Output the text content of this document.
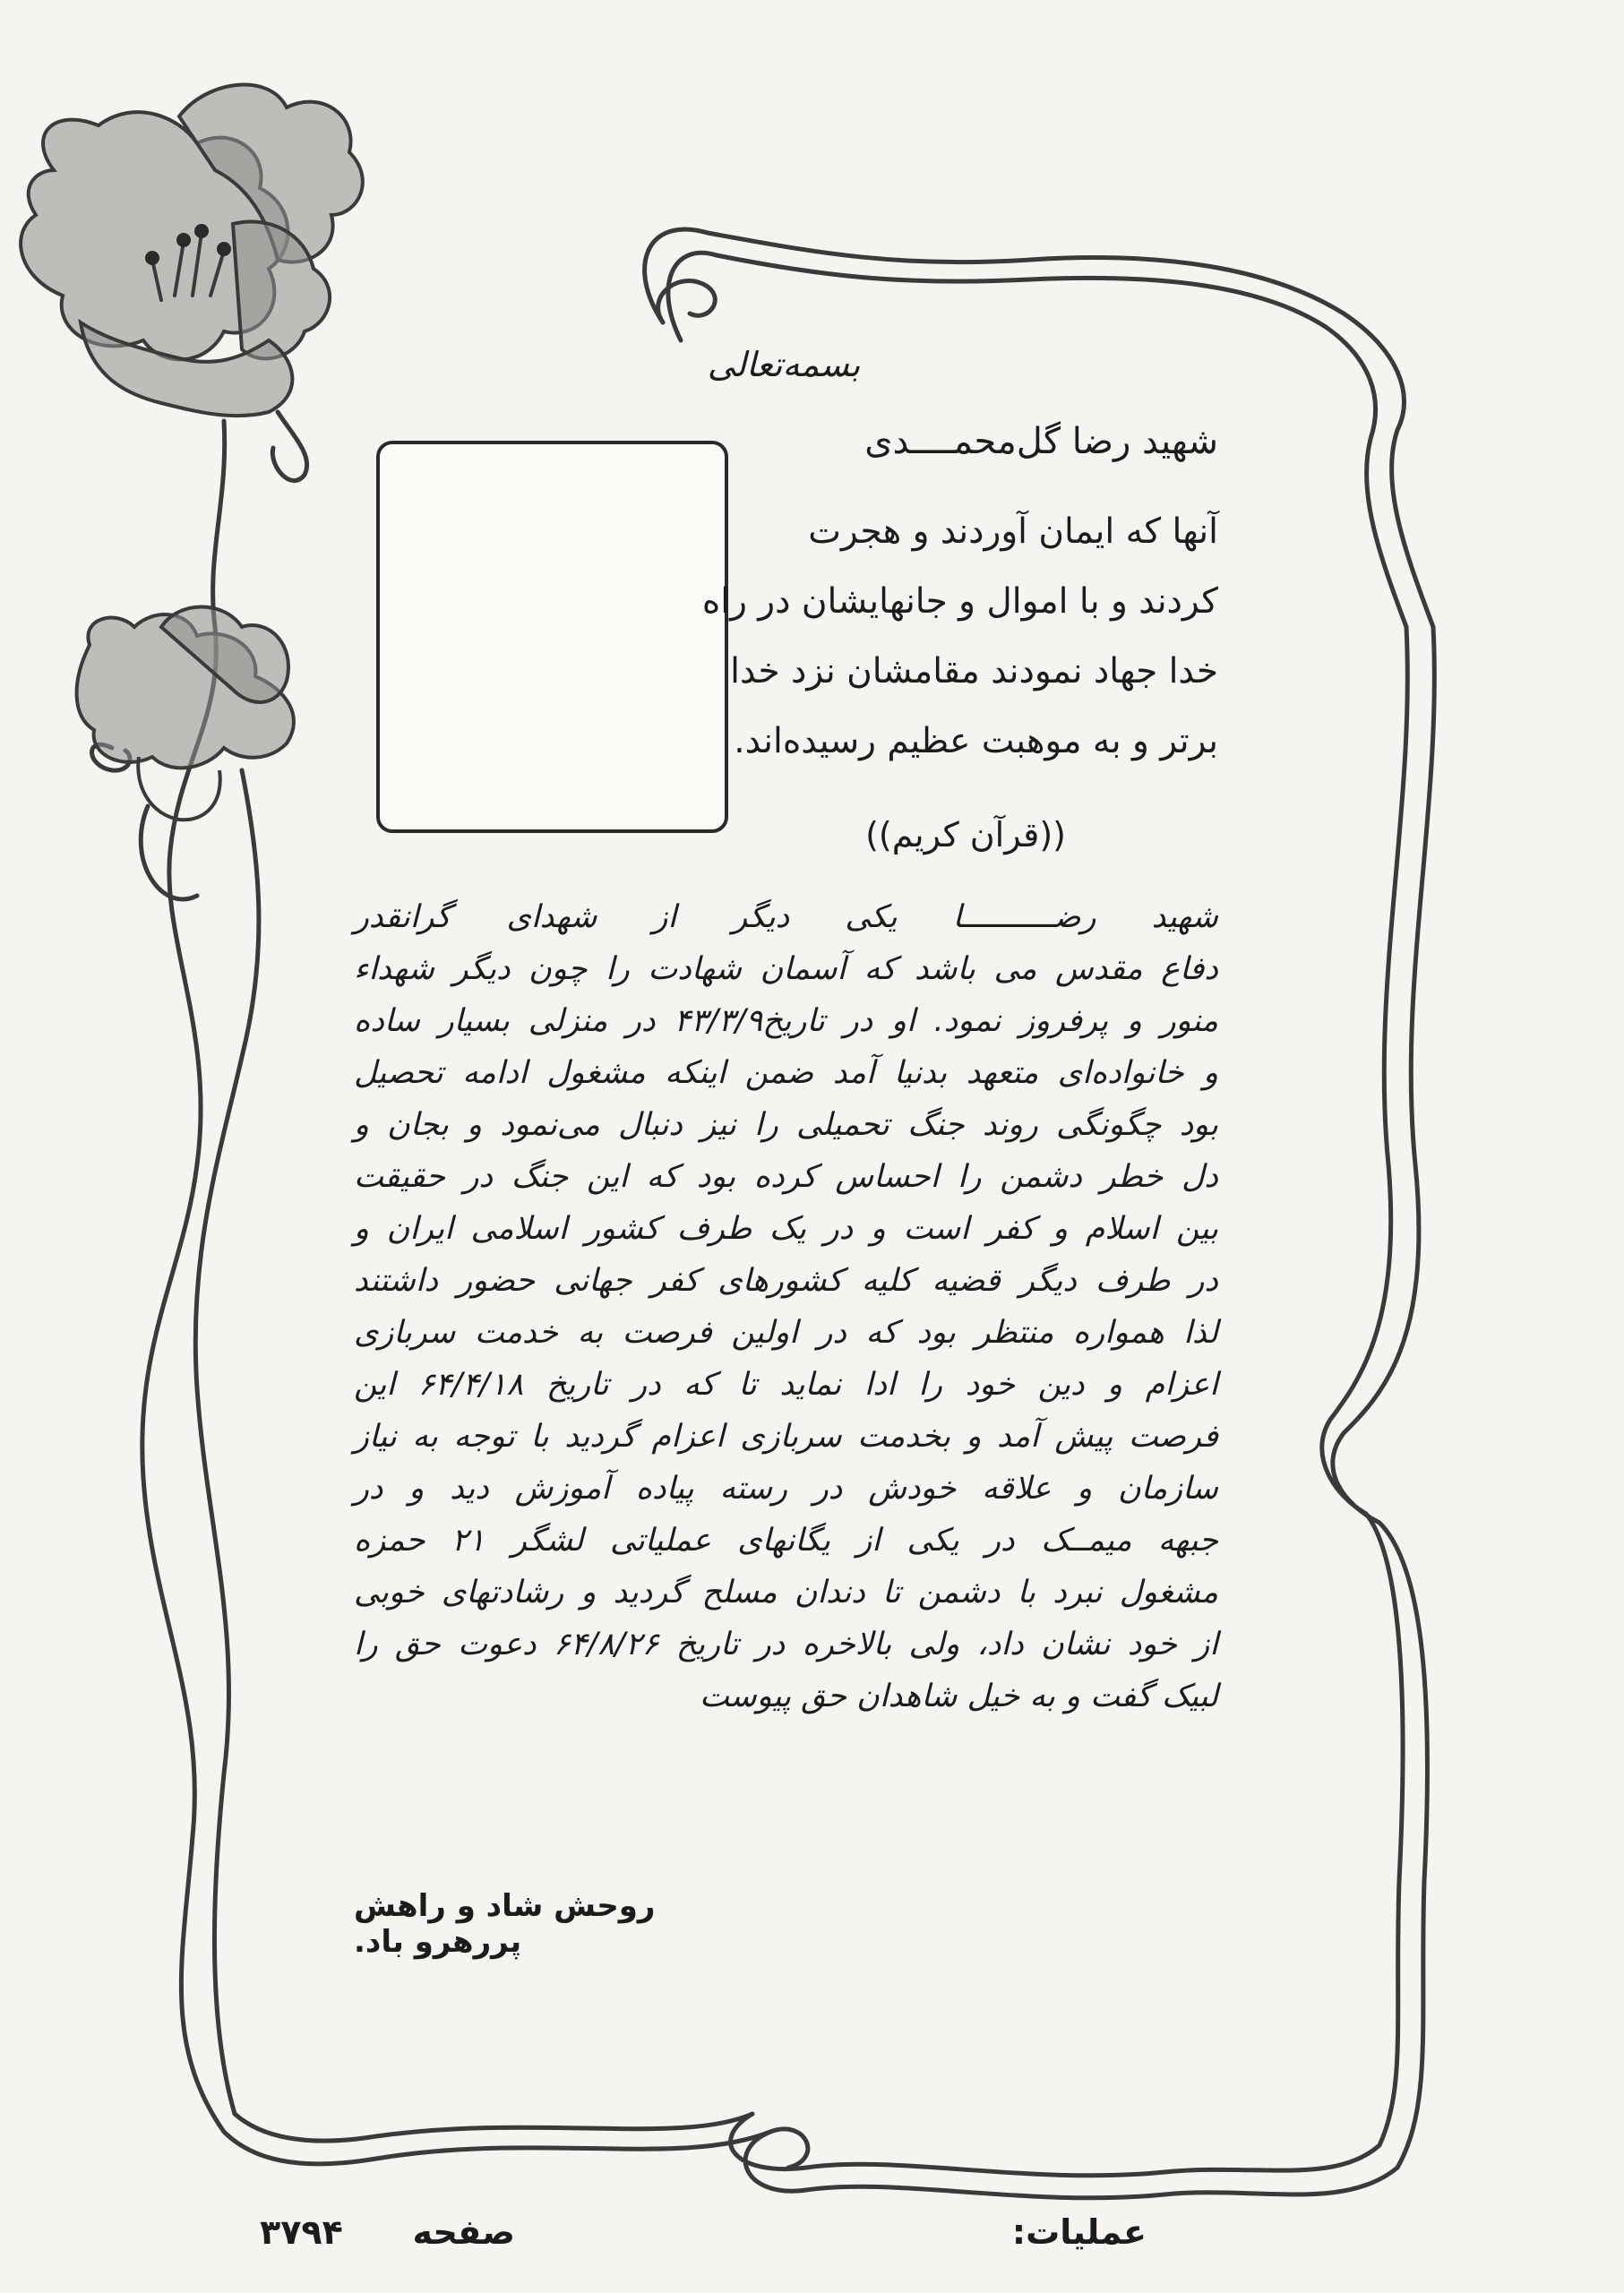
بسمه‌تعالی
شهید رضا گل‌محمــــدی
آنها که ایمان آوردند و هجرت
کردند و با اموال و جانهایشان در راه
خدا جهاد نمودند مقامشان نزد خدا
برتر و به موهبت عظیم رسیده‌اند.
((قرآن کریم))
شهید رضــــــــــا یکی دیگر از شهدای گرانقدر
دفاع مقدس می باشد که آسمان شهادت را چون دیگر شهداء
منور و پرفروز نمود. او در تاریخ۴۳/۳/۹ در منزلی بسیار ساده
و خانواده‌ای متعهد بدنیا آمد ضمن اینکه مشغول ادامه تحصیل
بود چگونگی روند جنگ تحمیلی را نیز دنبال می‌نمود و بجان و
دل خطر دشمن را احساس کرده بود که این جنگ در حقیقت
بین اسلام و کفر است و در یک طرف کشور اسلامی ایران و
در طرف دیگر قضیه کلیه کشورهای کفر جهانی حضور داشتند
لذا همواره منتظر بود که در اولین فرصت به خدمت سربازی
اعزام و دین خود را ادا نماید تا که در تاریخ ۶۴/۴/۱۸ این
فرصت پیش آمد و بخدمت سربازی اعزام گردید با توجه به نیاز
سازمان و علاقه خودش در رسته پیاده آموزش دید و در
جبهه میمــک در یکی از یگانهای عملیاتی لشگر ۲۱ حمزه
مشغول نبرد با دشمن تا دندان مسلح گردید و رشادتهای خوبی
از خود نشان داد، ولی بالاخره در تاریخ ۶۴/۸/۲۶ دعوت حق را
لبیک گفت و به خیل شاهدان حق پیوست
روحش شاد و راهش پررهرو باد.
عملیات:
صفحه
۳۷۹۴
